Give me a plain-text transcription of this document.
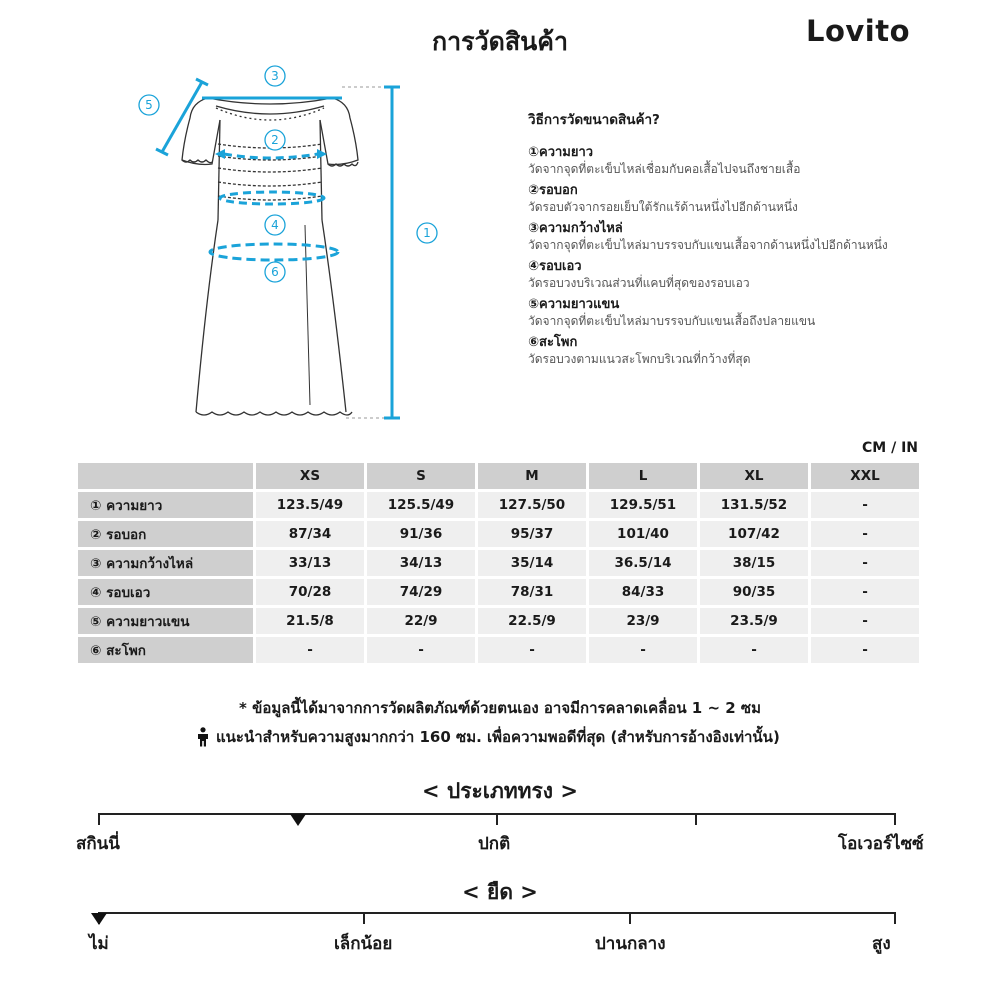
การวัดสินค้า	Lovito
3
5
2
4
6
1
วิธีการวัดขนาดสินค้า?
①ความยาว
วัดจากจุดที่ตะเข็บไหล่เชื่อมกับคอเสื้อไปจนถึงชายเสื้อ
②รอบอก
วัดรอบตัวจากรอยเย็บใต้รักแร้ด้านหนึ่งไปอีกด้านหนึ่ง
③ความกว้างไหล่
วัดจากจุดที่ตะเข็บไหล่มาบรรจบกับแขนเสื้อจากด้านหนึ่งไปอีกด้านหนึ่ง
④รอบเอว
วัดรอบวงบริเวณส่วนที่แคบที่สุดของรอบเอว
⑤ความยาวแขน
วัดจากจุดที่ตะเข็บไหล่มาบรรจบกับแขนเสื้อถึงปลายแขน
⑥สะโพก
วัดรอบวงตามแนวสะโพกบริเวณที่กว้างที่สุด
CM / IN
	XS	S	M	L	XL	XXL
① ความยาว	123.5/49	125.5/49	127.5/50	129.5/51	131.5/52	-
② รอบอก	87/34	91/36	95/37	101/40	107/42	-
③ ความกว้างไหล่	33/13	34/13	35/14	36.5/14	38/15	-
④ รอบเอว	70/28	74/29	78/31	84/33	90/35	-
⑤ ความยาวแขน	21.5/8	22/9	22.5/9	23/9	23.5/9	-
⑥ สะโพก	-	-	-	-	-	-
* ข้อมูลนี้ได้มาจากการวัดผลิตภัณฑ์ด้วยตนเอง อาจมีการคลาดเคลื่อน 1 ~ 2 ซม
แนะนำสำหรับความสูงมากกว่า 160 ซม. เพื่อความพอดีที่สุด (สำหรับการอ้างอิงเท่านั้น)
< ประเภททรง >
สกินนี่	ปกติ	โอเวอร์ไซซ์
< ยืด >
ไม่	เล็กน้อย	ปานกลาง	สูง
